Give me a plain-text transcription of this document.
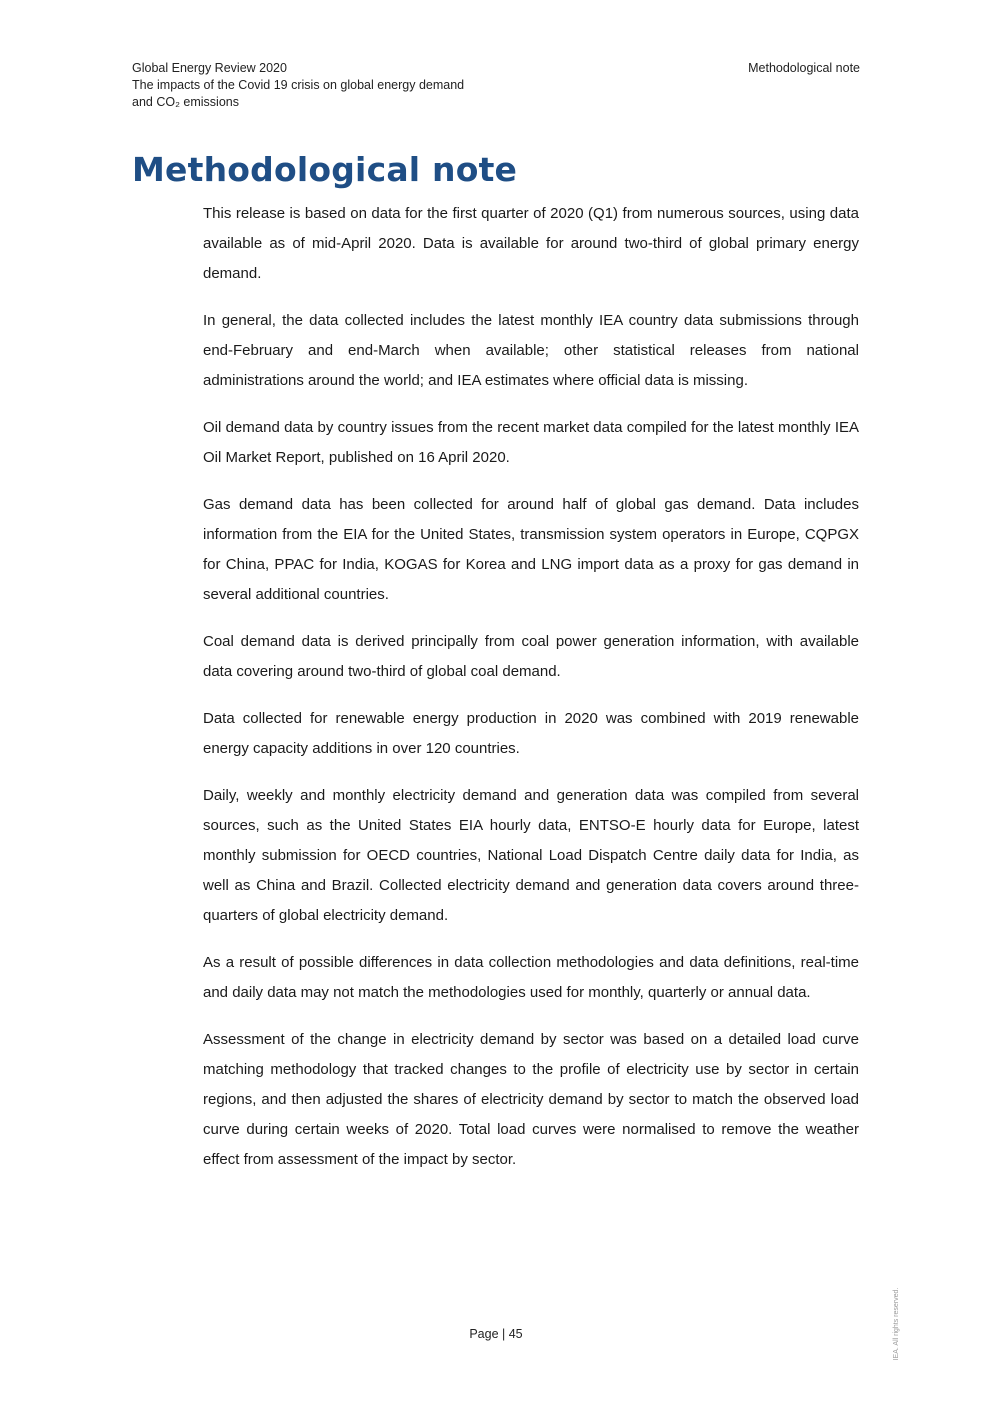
Global Energy Review 2020
The impacts of the Covid 19 crisis on global energy demand
and CO₂ emissions
Methodological note
Methodological note

This release is based on data for the first quarter of 2020 (Q1) from numerous sources, using data available as of mid-April 2020. Data is available for around two-third of global primary energy demand.

In general, the data collected includes the latest monthly IEA country data submissions through end-February and end-March when available; other statistical releases from national administrations around the world; and IEA estimates where official data is missing.

Oil demand data by country issues from the recent market data compiled for the latest monthly IEA Oil Market Report, published on 16 April 2020.

Gas demand data has been collected for around half of global gas demand. Data includes information from the EIA for the United States, transmission system operators in Europe, CQPGX for China, PPAC for India, KOGAS for Korea and LNG import data as a proxy for gas demand in several additional countries.

Coal demand data is derived principally from coal power generation information, with available data covering around two-third of global coal demand.

Data collected for renewable energy production in 2020 was combined with 2019 renewable energy capacity additions in over 120 countries.

Daily, weekly and monthly electricity demand and generation data was compiled from several sources, such as the United States EIA hourly data, ENTSO-E hourly data for Europe, latest monthly submission for OECD countries, National Load Dispatch Centre daily data for India, as well as China and Brazil. Collected electricity demand and generation data covers around three-quarters of global electricity demand.

As a result of possible differences in data collection methodologies and data definitions, real-time and daily data may not match the methodologies used for monthly, quarterly or annual data.

Assessment of the change in electricity demand by sector was based on a detailed load curve matching methodology that tracked changes to the profile of electricity use by sector in certain regions, and then adjusted the shares of electricity demand by sector to match the observed load curve during certain weeks of 2020. Total load curves were normalised to remove the weather effect from assessment of the impact by sector.

Page | 45	IEA. All rights reserved.
